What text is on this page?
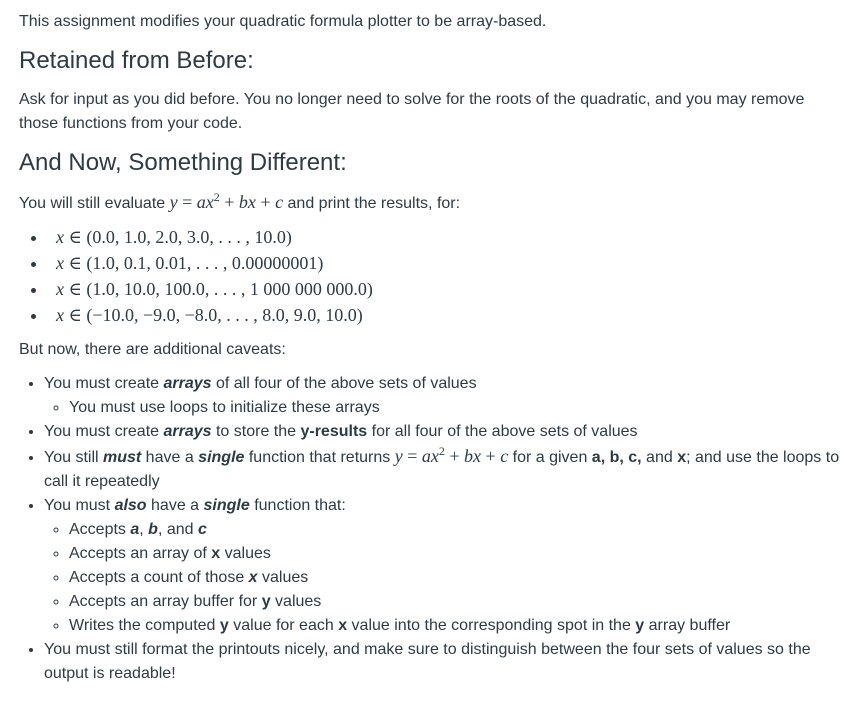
This assignment modifies your quadratic formula plotter to be array-based.

Retained from Before:

Ask for input as you did before. You no longer need to solve for the roots of the quadratic, and you may remove those functions from your code.

And Now, Something Different:

You will still evaluate $y = ax^2$ + bx + c and print the results, for:

• x ∈ (0.0, 1.0, 2.0, 3.0, . . . , 10.0)
• x ∈ (1.0, 0.1, 0.01, . . . , 0.00000001)
• x ∈ (1.0, 10.0, 100.0, . . . , 1 000 000 000.0)
• x ∈ (−10.0, −9.0, −8.0, . . . , 8.0, 9.0, 10.0)

But now, there are additional caveats:

• You must create arrays of all four of the above sets of values
◦ You must use loops to initialize these arrays
• You must create arrays to store the y-results for all four of the above sets of values
• You still must have a single function that returns $y = ax^2$ + bx + c for a given a, b, c, and x; and use the loops to call it repeatedly
• You must also have a single function that:
◦ Accepts a, b, and c
◦ Accepts an array of x values
◦ Accepts a count of those x values
◦ Accepts an array buffer for y values
◦ Writes the computed y value for each x value into the corresponding spot in the y array buffer
• You must still format the printouts nicely, and make sure to distinguish between the four sets of values so the output is readable!
